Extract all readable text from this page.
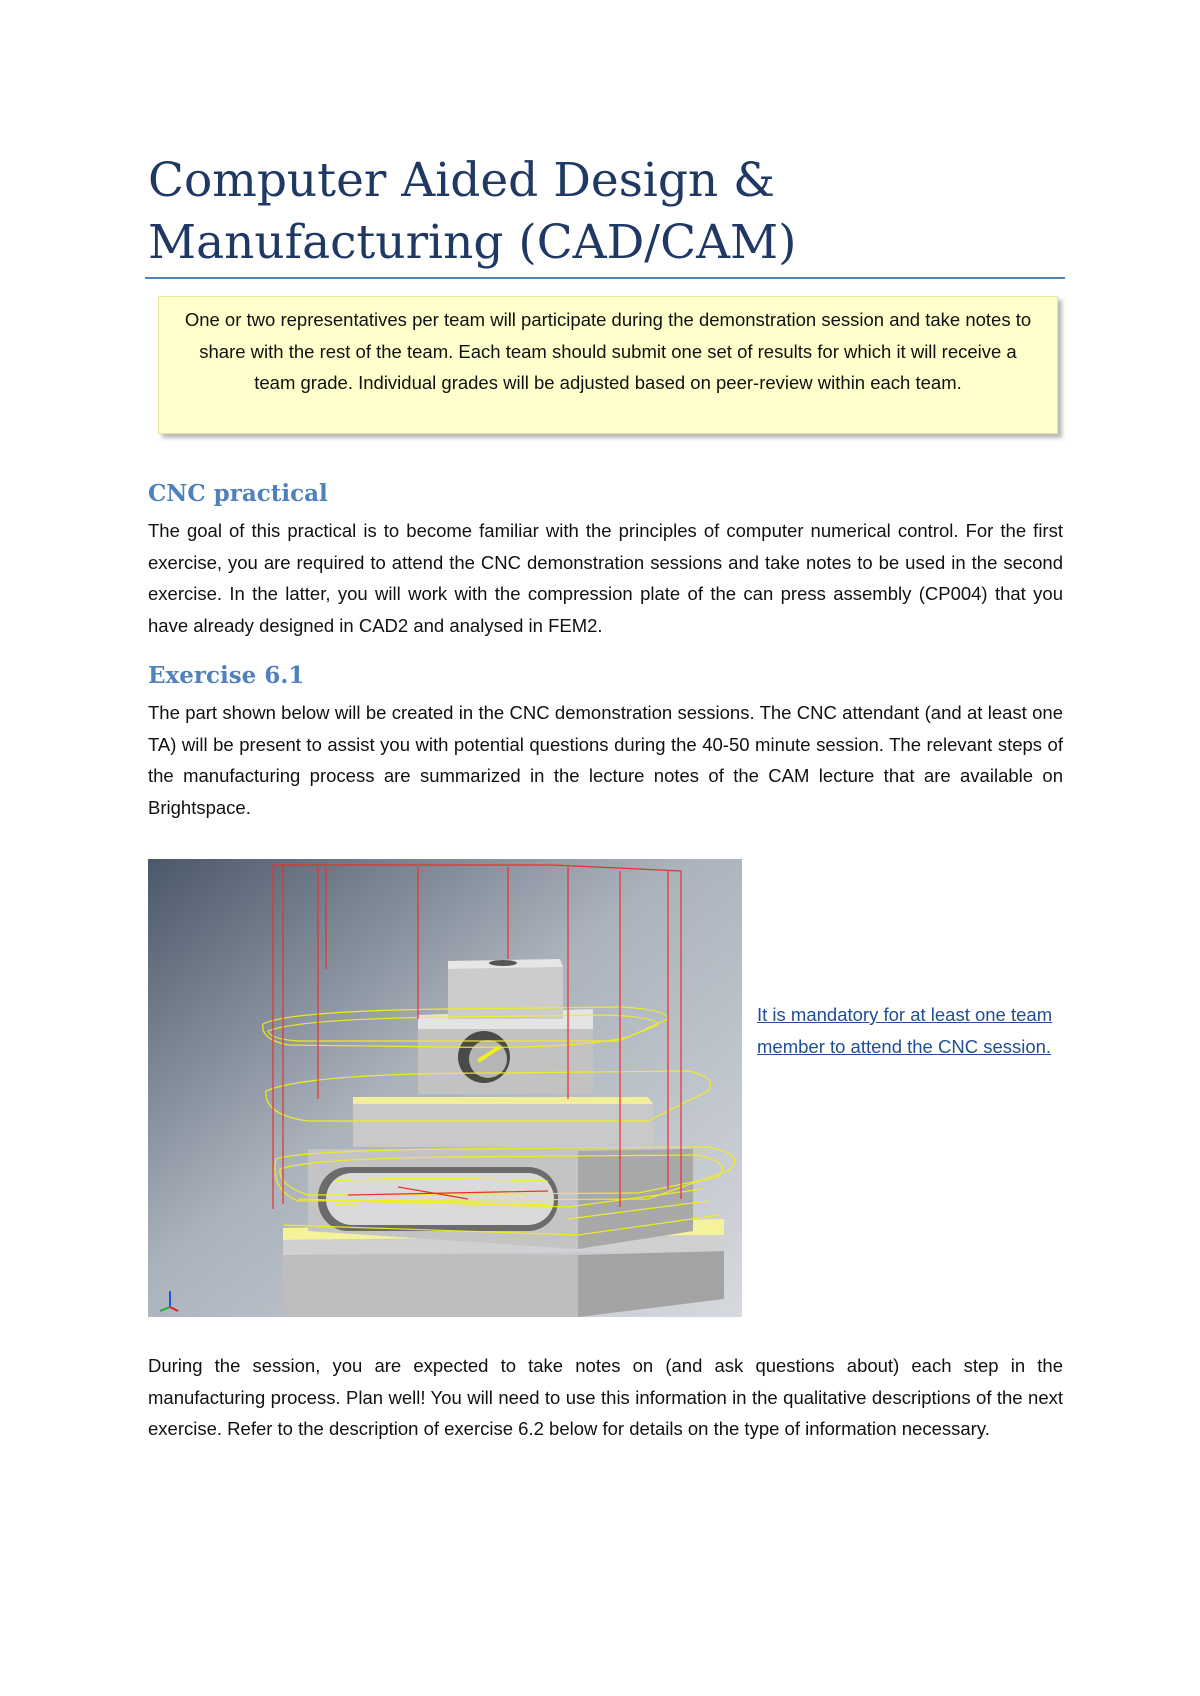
Computer Aided Design &
Manufacturing (CAD/CAM)
One or two representatives per team will participate during the demonstration session and take notes to share with the rest of the team. Each team should submit one set of results for which it will receive a team grade. Individual grades will be adjusted based on peer-review within each team.
CNC practical

The goal of this practical is to become familiar with the principles of computer numerical control. For the first exercise, you are required to attend the CNC demonstration sessions and take notes to be used in the second exercise. In the latter, you will work with the compression plate of the can press assembly (CP004) that you have already designed in CAD2 and analysed in FEM2.

Exercise 6.1

The part shown below will be created in the CNC demonstration sessions. The CNC attendant (and at least one TA) will be present to assist you with potential questions during the 40-50 minute session. The relevant steps of the manufacturing process are summarized in the lecture notes of the CAM lecture that are available on Brightspace.

It is mandatory for at least one team member to attend the CNC session.

During the session, you are expected to take notes on (and ask questions about) each step in the manufacturing process. Plan well! You will need to use this information in the qualitative descriptions of the next exercise. Refer to the description of exercise 6.2 below for details on the type of information necessary.
